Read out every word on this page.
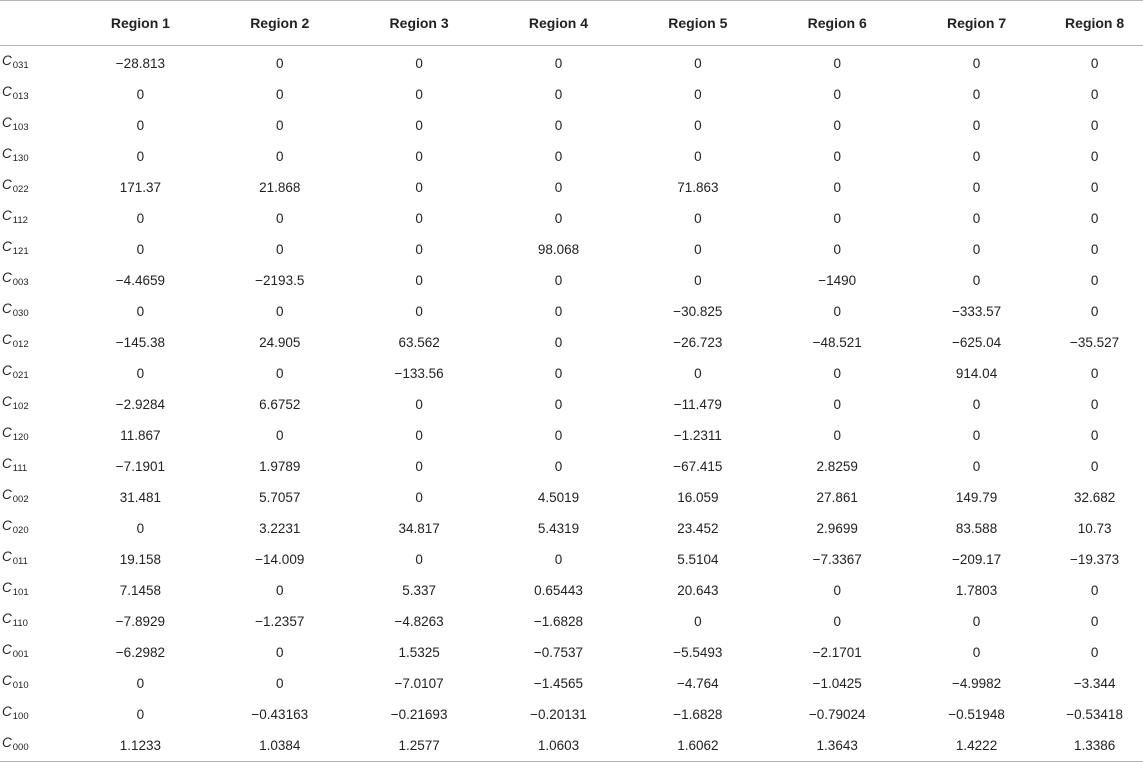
	Region 1	Region 2	Region 3	Region 4	Region 5	Region 6	Region 7	Region 8
$C_{031}$	−28.813	0	0	0	0	0	0	0
$C_{013}$	0	0	0	0	0	0	0	0
$C_{103}$	0	0	0	0	0	0	0	0
$C_{130}$	0	0	0	0	0	0	0	0
$C_{022}$	171.37	21.868	0	0	71.863	0	0	0
$C_{112}$	0	0	0	0	0	0	0	0
$C_{121}$	0	0	0	98.068	0	0	0	0
$C_{003}$	−4.4659	−2193.5	0	0	0	−1490	0	0
$C_{030}$	0	0	0	0	−30.825	0	−333.57	0
$C_{012}$	−145.38	24.905	63.562	0	−26.723	−48.521	−625.04	−35.527
$C_{021}$	0	0	−133.56	0	0	0	914.04	0
$C_{102}$	−2.9284	6.6752	0	0	−11.479	0	0	0
$C_{120}$	11.867	0	0	0	−1.2311	0	0	0
$C_{111}$	−7.1901	1.9789	0	0	−67.415	2.8259	0	0
$C_{002}$	31.481	5.7057	0	4.5019	16.059	27.861	149.79	32.682
$C_{020}$	0	3.2231	34.817	5.4319	23.452	2.9699	83.588	10.73
$C_{011}$	19.158	−14.009	0	0	5.5104	−7.3367	−209.17	−19.373
$C_{101}$	7.1458	0	5.337	0.65443	20.643	0	1.7803	0
$C_{110}$	−7.8929	−1.2357	−4.8263	−1.6828	0	0	0	0
$C_{001}$	−6.2982	0	1.5325	−0.7537	−5.5493	−2.1701	0	0
$C_{010}$	0	0	−7.0107	−1.4565	−4.764	−1.0425	−4.9982	−3.344
$C_{100}$	0	−0.43163	−0.21693	−0.20131	−1.6828	−0.79024	−0.51948	−0.53418
$C_{000}$	1.1233	1.0384	1.2577	1.0603	1.6062	1.3643	1.4222	1.3386
